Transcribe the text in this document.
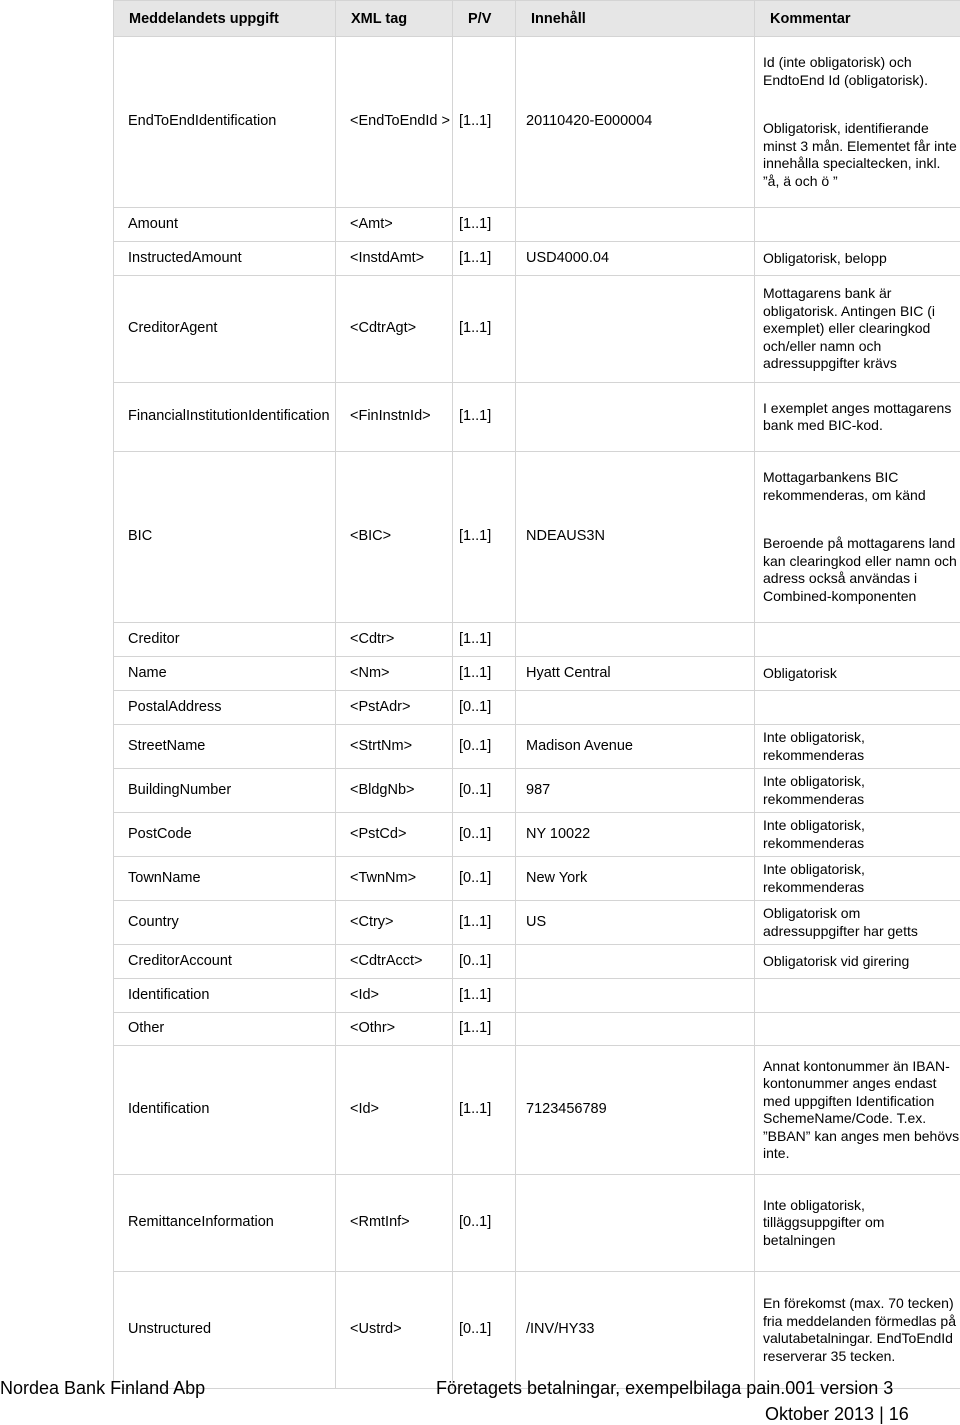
Meddelandets uppgift	XML tag	P/V	Innehåll	Kommentar
EndToEndIdentification	<EndToEndId >	[1..1]	20110420-E000004	Id (inte obligatorisk) och EndtoEnd Id (obligatorisk).
Obligatorisk, identifierande minst 3 mån. Elementet får inte innehålla specialtecken, inkl. ”å, ä och ö ”

Amount	<Amt>	[1..1]		
InstructedAmount	<InstdAmt>	[1..1]	USD4000.04	Obligatorisk, belopp

CreditorAgent	<CdtrAgt>	[1..1]		Mottagarens bank är obligatorisk. Antingen BIC (i exemplet) eller clearingkod och/eller namn och adressuppgifter krävs

FinancialInstitutionIdentification	<FinInstnId>	[1..1]		I exemplet anges mottagarens bank med BIC-kod.

BIC	<BIC>	[1..1]	NDEAUS3N	Mottagarbankens BIC rekommenderas, om känd
Beroende på mottagarens land kan clearingkod eller namn och adress också användas i Combined-komponenten

Creditor	<Cdtr>	[1..1]		
Name	<Nm>	[1..1]	Hyatt Central	Obligatorisk

PostalAddress	<PstAdr>	[0..1]		
StreetName	<StrtNm>	[0..1]	Madison Avenue	Inte obligatorisk, rekommenderas

BuildingNumber	<BldgNb>	[0..1]	987	Inte obligatorisk, rekommenderas

PostCode	<PstCd>	[0..1]	NY 10022	Inte obligatorisk, rekommenderas

TownName	<TwnNm>	[0..1]	New York	Inte obligatorisk, rekommenderas

Country	<Ctry>	[1..1]	US	Obligatorisk om adressuppgifter har getts

CreditorAccount	<CdtrAcct>	[0..1]		Obligatorisk vid girering

Identification	<Id>	[1..1]		
Other	<Othr>	[1..1]		
Identification	<Id>	[1..1]	7123456789	Annat kontonummer än IBAN-kontonummer anges endast med uppgiften Identification SchemeName/Code. T.ex. ”BBAN” kan anges men behövs inte.

RemittanceInformation	<RmtInf>	[0..1]		Inte obligatorisk, tilläggsuppgifter om betalningen

Unstructured	<Ustrd>	[0..1]	/INV/HY33	En förekomst (max. 70 tecken) fria meddelanden förmedlas på valutabetalningar. EndToEndId reserverar 35 tecken.
Nordea Bank Finland Abp	Företagets betalningar, exempelbilaga pain.001 version 3
Oktober 2013 | 16
